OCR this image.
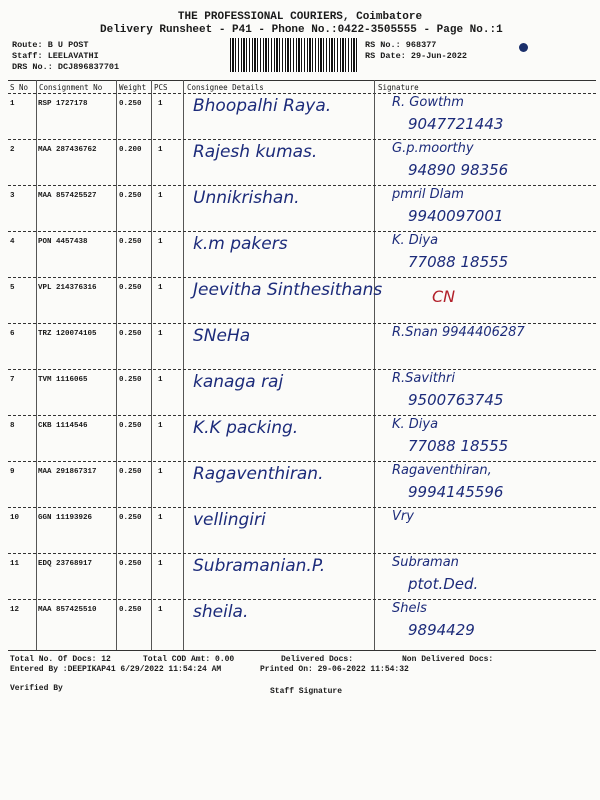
THE PROFESSIONAL COURIERS, Coimbatore
Delivery Runsheet - P41 - Phone No.:0422-3505555 - Page No.:1
Route: B U POST
Staff: LEELAVATHI
DRS No.: DCJ896837701
RS No.: 968377
RS Date: 29-Jun-2022
S No Consignment No Weight PCS	Consignee Details	Signature
1	RSP 1727178	0.250 1 Bhoopalhi Raya.	R. Gowthm
9047721443
2	MAA 287436762	0.200 1 Rajesh kumas.	G.p.moorthy
94890 98356
3	MAA 857425527	0.250 1 Unnikrishan.	pmril Dlam
9940097001
4	PON 4457438	0.250 1 k.m pakers	K. Diya
77088 18555
5	VPL 214376316	0.250 1 Jeevitha Sinthesithans	CN
6	TRZ 120074105	0.250 1 SNeHa	R.Snan 9944406287
7	TVM 1116065	0.250 1 kanaga raj	R.Savithri
9500763745
8	CKB 1114546	0.250 1 K.K packing.	K. Diya
77088 18555
9	MAA 291867317	0.250 1 Ragaventhiran.	Ragaventhiran,
9994145596
10	GGN 11193926	0.250 1 vellingiri	Vry
11	EDQ 23768917	0.250 1 Subramanian.P.	Subraman
ptot.Ded.
12	MAA 857425510	0.250 1 sheila.	Shels
9894429
Total No. Of Docs: 12	Total COD Amt: 0.00	Delivered Docs:	Non Delivered Docs:
Entered By :DEEPIKAP41 6/29/2022 11:54:24 AM	Printed On: 29-06-2022 11:54:32
Verified By	Staff Signature
